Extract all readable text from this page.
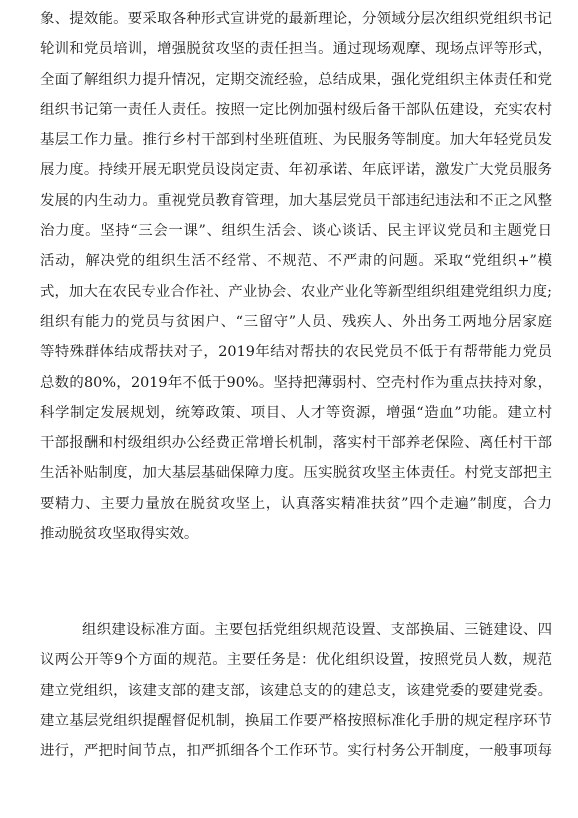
象、提效能。要采取各种形式宣讲党的最新理论，分领域分层次组织党组织书记
轮训和党员培训，增强脱贫攻坚的责任担当。通过现场观摩、现场点评等形式，
全面了解组织力提升情况，定期交流经验，总结成果，强化党组织主体责任和党
组织书记第一责任人责任。按照一定比例加强村级后备干部队伍建设，充实农村
基层工作力量。推行乡村干部到村坐班值班、为民服务等制度。加大年轻党员发
展力度。持续开展无职党员设岗定责、年初承诺、年底评诺，激发广大党员服务
发展的内生动力。重视党员教育管理，加大基层党员干部违纪违法和不正之风整
治力度。坚持“三会一课”、组织生活会、谈心谈话、民主评议党员和主题党日
活动，解决党的组织生活不经常、不规范、不严肃的问题。采取“党组织+”模
式，加大在农民专业合作社、产业协会、农业产业化等新型组织组建党组织力度;
组织有能力的党员与贫困户、“三留守”人员、残疾人、外出务工两地分居家庭
等特殊群体结成帮扶对子，2019年结对帮扶的农民党员不低于有帮带能力党员
总数的80%，2019年不低于90%。坚持把薄弱村、空壳村作为重点扶持对象，
科学制定发展规划，统筹政策、项目、人才等资源，增强“造血”功能。建立村
干部报酬和村级组织办公经费正常增长机制，落实村干部养老保险、离任村干部
生活补贴制度，加大基层基础保障力度。压实脱贫攻坚主体责任。村党支部把主
要精力、主要力量放在脱贫攻坚上，认真落实精准扶贫”四个走遍”制度，合力
推动脱贫攻坚取得实效。
组织建设标准方面。主要包括党组织规范设置、支部换届、三链建设、四
议两公开等9个方面的规范。主要任务是：优化组织设置，按照党员人数，规范
建立党组织，该建支部的建支部，该建总支的的建总支，该建党委的要建党委。
建立基层党组织提醒督促机制，换届工作要严格按照标准化手册的规定程序环节
进行，严把时间节点，扣严抓细各个工作环节。实行村务公开制度，一般事项每
